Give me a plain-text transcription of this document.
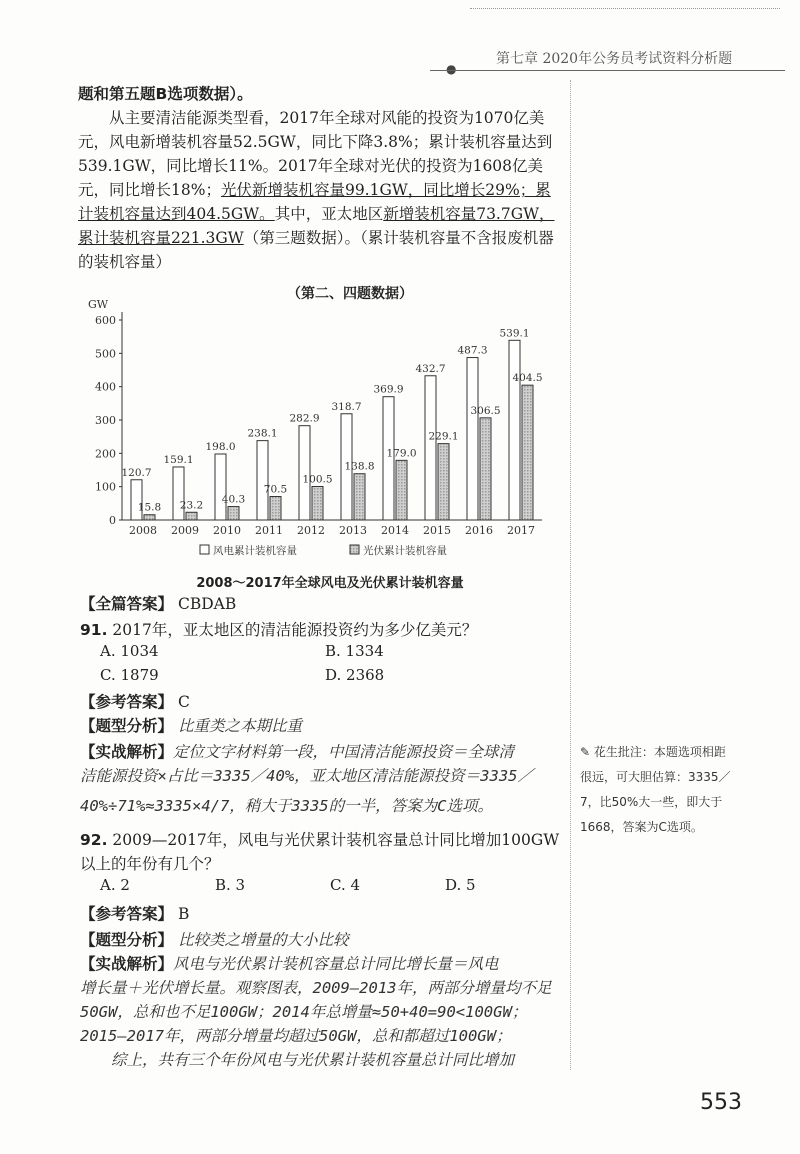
●
第七章 2020年公务员考试资料分析题

题和第五题B选项数据）。

从主要清洁能源类型看，2017年全球对风能的投资为1070亿美元，风电新增装机容量52.5GW，同比下降3.8%；累计装机容量达到539.1GW，同比增长11%。2017年全球对光伏的投资为1608亿美元，同比增长18%；光伏新增装机容量99.1GW，同比增长29%；累计装机容量达到404.5GW。其中，亚太地区新增装机容量73.7GW，累计装机容量221.3GW（第三题数据）。（累计装机容量不含报废机器的装机容量）

（第二、四题数据）
GW
0
100
200
300
400
500
600
120.7
15.8
2008
159.1
23.2
2009
198.0
40.3
2010
238.1
70.5
2011
282.9
100.5
2012
318.7
138.8
2013
369.9
179.0
2014
432.7
229.1
2015
487.3
306.5
2016
539.1
404.5
2017
风电累计装机容量	光伏累计装机容量
2008～2017年全球风电及光伏累计装机容量
【全篇答案】 CBDAB
91. 2017年，亚太地区的清洁能源投资约为多少亿美元？
A. 1034	B. 1334
C. 1879	D. 2368
【参考答案】 C
【题型分析】 比重类之本期比重
【实战解析】定位文字材料第一段，中国清洁能源投资＝全球清
洁能源投资×占比＝3335／40%，亚太地区清洁能源投资＝3335／
40%÷71%≈3335×4/7，稍大于3335的一半，答案为C选项。
92. 2009—2017年，风电与光伏累计装机容量总计同比增加100GW以上的年份有几个？
A. 2	B. 3	C. 4	D. 5
【参考答案】 B
【题型分析】 比较类之增量的大小比较
【实战解析】风电与光伏累计装机容量总计同比增长量＝风电
增长量＋光伏增长量。观察图表，2009—2013年，两部分增量均不足
50GW，总和也不足100GW；2014年总增量≈50+40=90<100GW；
2015—2017年，两部分增量均超过50GW，总和都超过100GW；
综上，共有三个年份风电与光伏累计装机容量总计同比增加
✎ 花生批注：本题选项相距
很远，可大胆估算：3335／
7，比50%大一些，即大于
1668，答案为C选项。
553
